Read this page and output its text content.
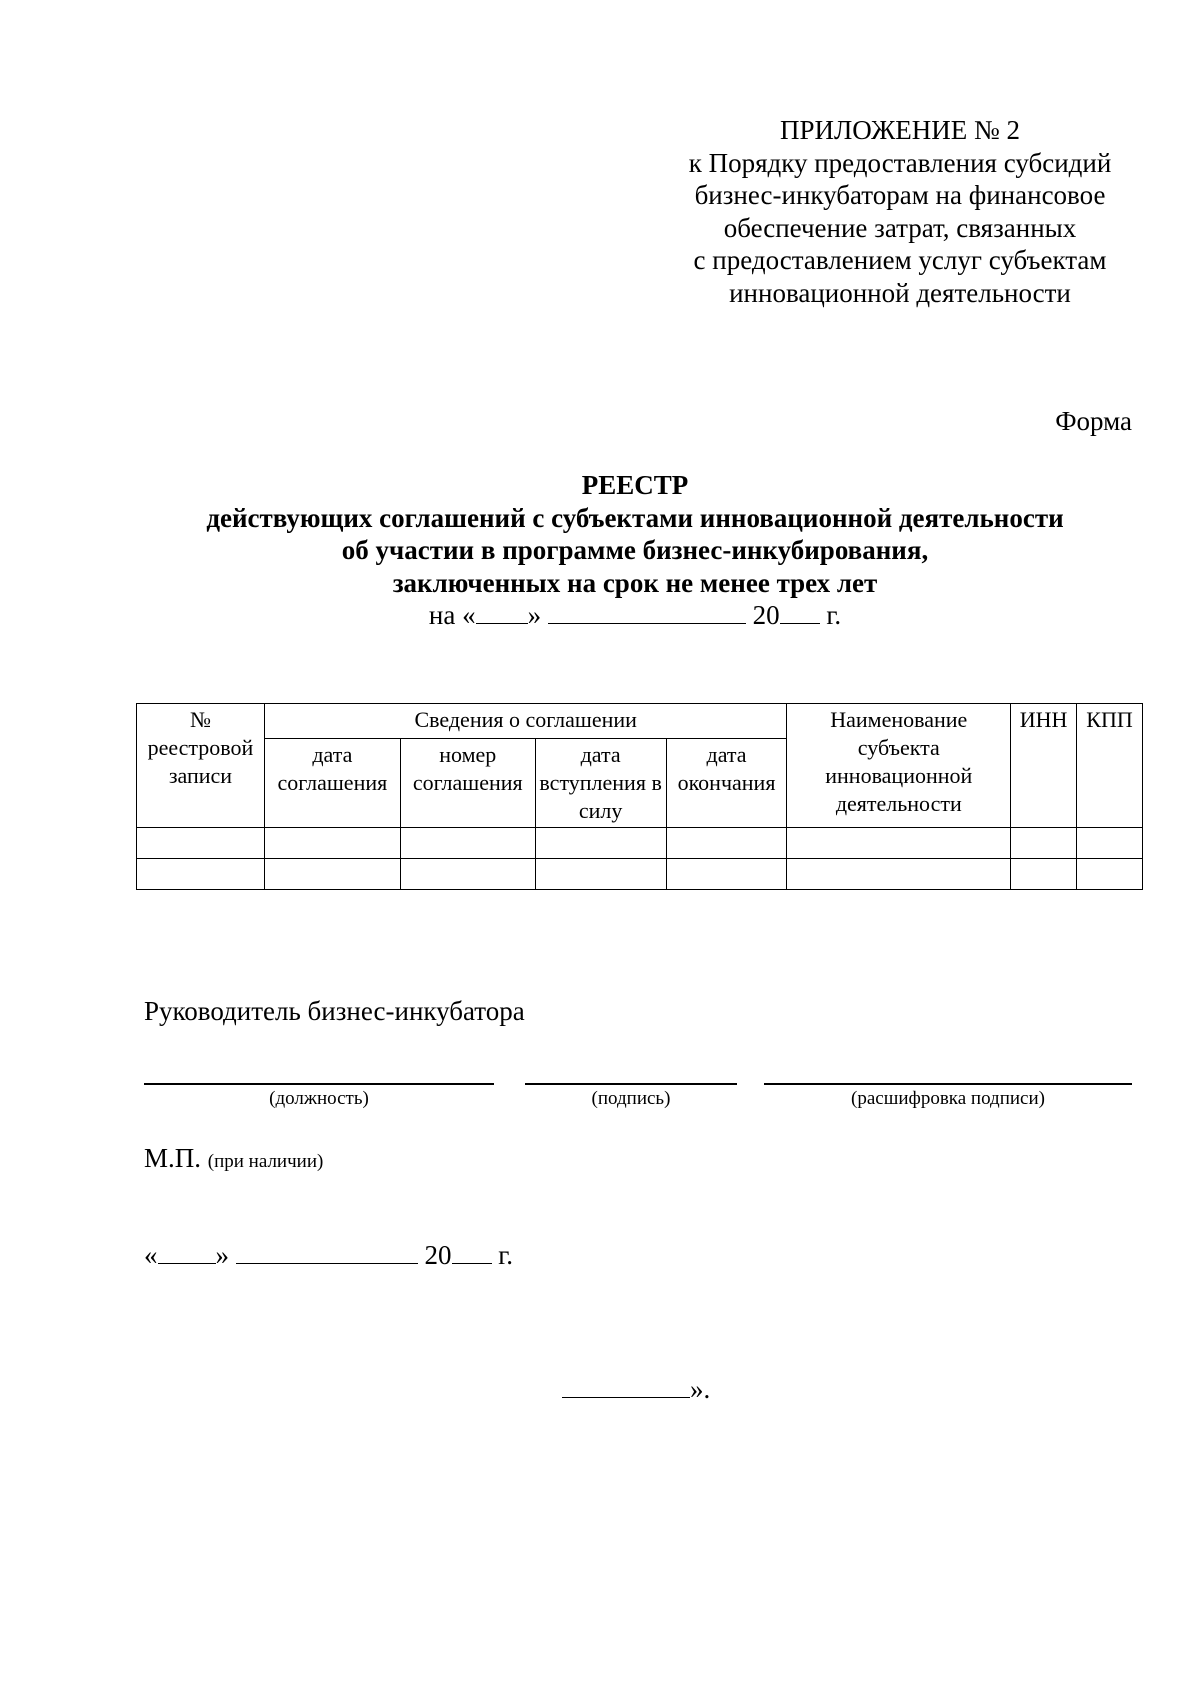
ПРИЛОЖЕНИЕ № 2
к Порядку предоставления субсидий
бизнес-инкубаторам на финансовое
обеспечение затрат, связанных
с предоставлением услуг субъектам
инновационной деятельности
Форма
РЕЕСТР
действующих соглашений с субъектами инновационной деятельности
об участии в программе бизнес-инкубирования,
заключенных на срок не менее трех лет
на « »	20 г.
№ реестровой записи	Сведения о соглашении				Наименование субъекта инновационной деятельности	ИНН	КПП
	дата соглашения	номер соглашения	дата вступления в силу	дата окончания			

Руководитель бизнес-инкубатора
(должность)	(подпись)	(расшифровка подписи)
М.П. (при наличии)
« »	20 г.
».
